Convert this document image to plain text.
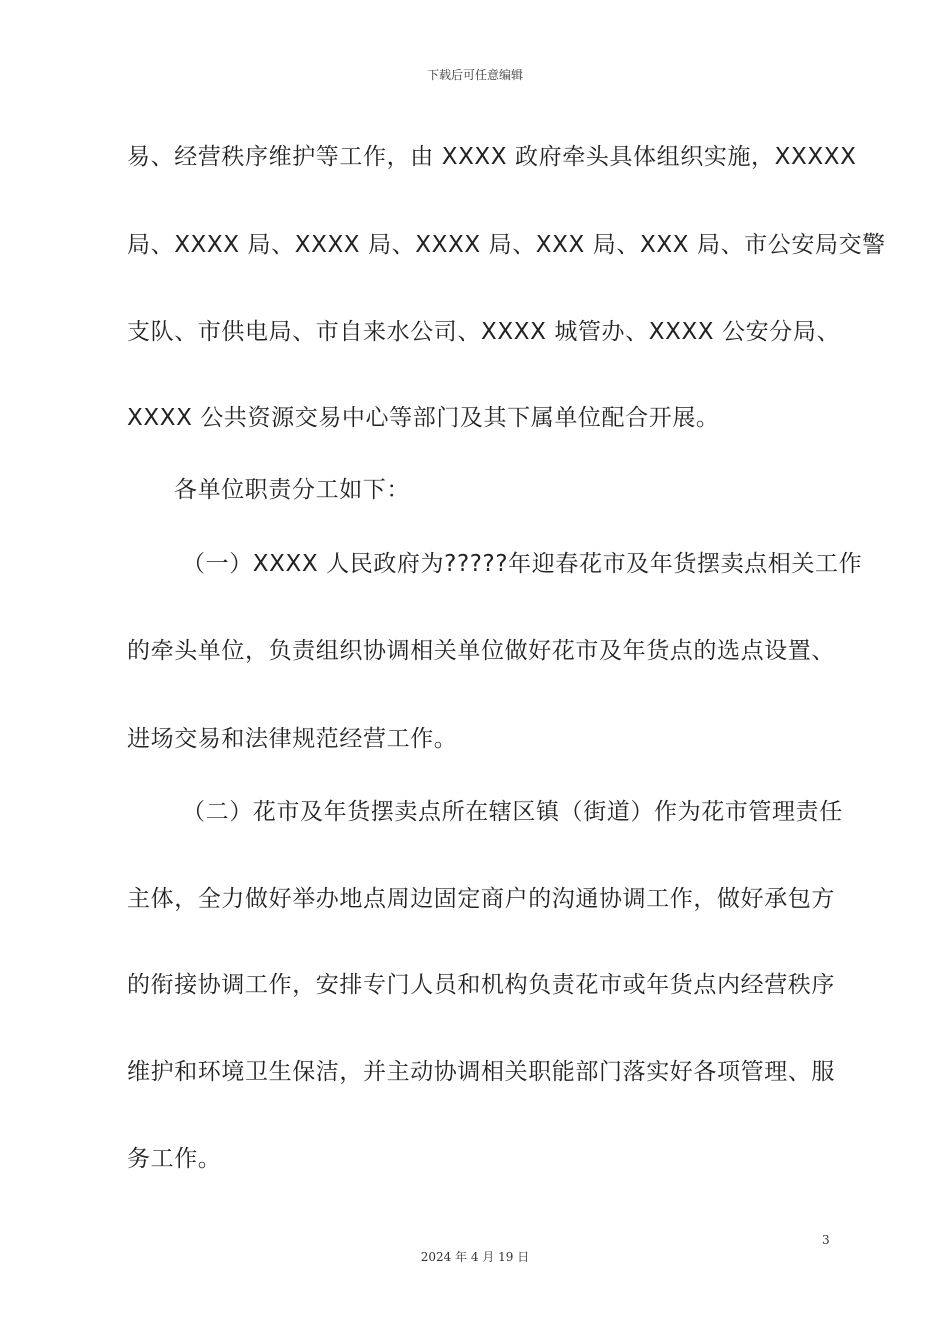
下载后可任意编辑
易、经营秩序维护等工作，由 XXXX 政府牵头具体组织实施，XXXXX
局、XXXX 局、XXXX 局、XXXX 局、XXX 局、XXX 局、市公安局交警
支队、市供电局、市自来水公司、XXXX 城管办、XXXX 公安分局、
XXXX 公共资源交易中心等部门及其下属单位配合开展。
各单位职责分工如下：
（一）XXXX 人民政府为?????年迎春花市及年货摆卖点相关工作
的牵头单位，负责组织协调相关单位做好花市及年货点的选点设置、
进场交易和法律规范经营工作。
（二）花市及年货摆卖点所在辖区镇（街道）作为花市管理责任
主体，全力做好举办地点周边固定商户的沟通协调工作，做好承包方
的衔接协调工作，安排专门人员和机构负责花市或年货点内经营秩序
维护和环境卫生保洁，并主动协调相关职能部门落实好各项管理、服
务工作。
3
2024 年 4 月 19 日
